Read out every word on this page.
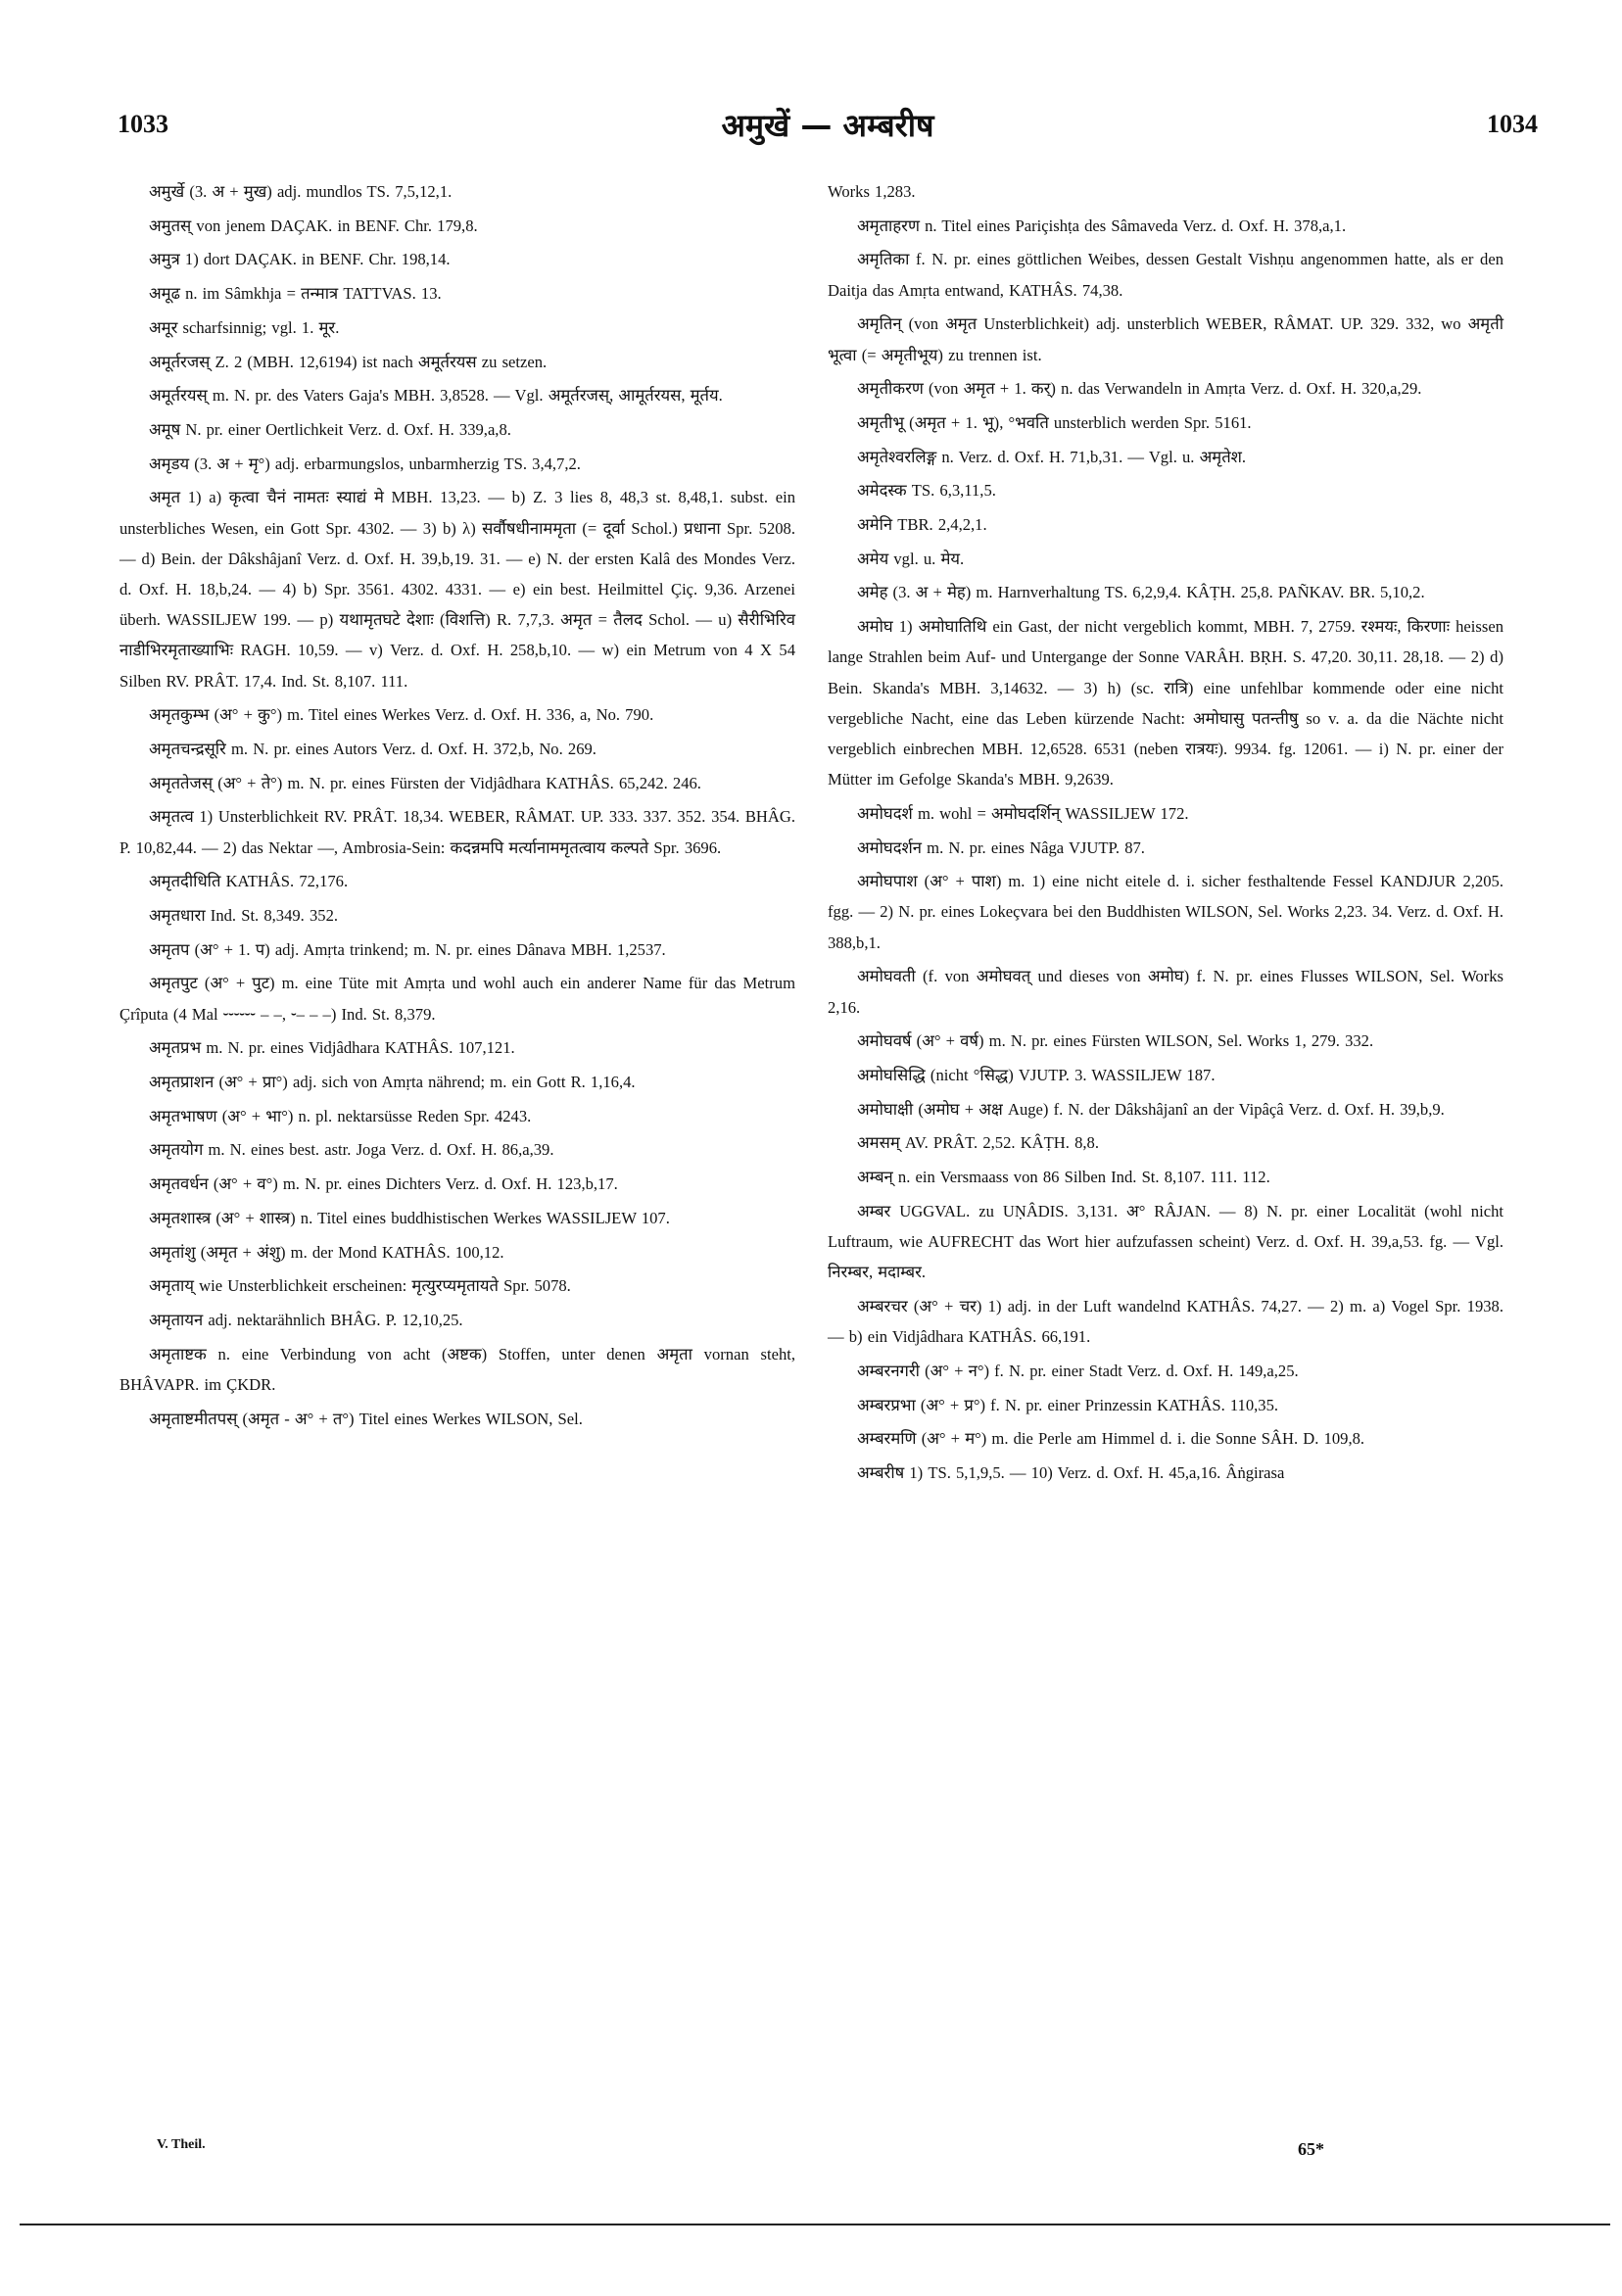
1033	अमुखें — अम्बरीष	1034

अमुर्खे (3. अ + मुख) adj. mundlos TS. 7,5,12,1.

अमुतस् von jenem DAÇAK. in BENF. Chr. 179,8.

अमुत्र 1) dort DAÇAK. in BENF. Chr. 198,14.

अमूढ n. im Sâmkhja = तन्मात्र TATTVAS. 13.

अमूर scharfsinnig; vgl. 1. मूर.

अमूर्तरजस् Z. 2 (MBH. 12,6194) ist nach अमूर्तरयस zu setzen.

अमूर्तरयस् m. N. pr. des Vaters Gaja's MBH. 3,8528. — Vgl. अमूर्तरजस्, आमूर्तरयस, मूर्तय.

अमूष N. pr. einer Oertlichkeit Verz. d. Oxf. H. 339,a,8.

अमृडय (3. अ + मृ°) adj. erbarmungslos, unbarmherzig TS. 3,4,7,2.

अमृत 1) a) कृत्वा चैनं नामतः स्याद्यं मे MBH. 13,23. — b) Z. 3 lies 8, 48,3 st. 8,48,1. subst. ein unsterbliches Wesen, ein Gott Spr. 4302. — 3) b) λ) सर्वौषधीनाममृता (= दूर्वा Schol.) प्रधाना Spr. 5208. — d) Bein. der Dâkshâjanî Verz. d. Oxf. H. 39,b,19. 31. — e) N. der ersten Kalâ des Mondes Verz. d. Oxf. H. 18,b,24. — 4) b) Spr. 3561. 4302. 4331. — e) ein best. Heilmittel Çiç. 9,36. Arzenei überh. WASSILJEW 199. — p) यथामृतघटे देशाः (विशत्ति) R. 7,7,3. अमृत = तैलद Schol. — u) सैरीभिरिव नाडीभिरमृताख्याभिः RAGH. 10,59. — v) Verz. d. Oxf. H. 258,b,10. — w) ein Metrum von 4 X 54 Silben RV. PRÂT. 17,4. Ind. St. 8,107. 111.

अमृतकुम्भ (अ° + कु°) m. Titel eines Werkes Verz. d. Oxf. H. 336, a, No. 790.

अमृतचन्द्रसूरि m. N. pr. eines Autors Verz. d. Oxf. H. 372,b, No. 269.

अमृततेजस् (अ° + ते°) m. N. pr. eines Fürsten der Vidjâdhara KATHÂS. 65,242. 246.

अमृतत्व 1) Unsterblichkeit RV. PRÂT. 18,34. WEBER, RÂMAT. UP. 333. 337. 352. 354. BHÂG. P. 10,82,44. — 2) das Nektar —, Ambrosia-Sein: कदन्नमपि मर्त्यानाममृतत्वाय कल्पते Spr. 3696.

अमृतदीधिति KATHÂS. 72,176.

अमृतधारा Ind. St. 8,349. 352.

अमृतप (अ° + 1. प) adj. Amṛta trinkend; m. N. pr. eines Dânava MBH. 1,2537.

अमृतपुट (अ° + पुट) m. eine Tüte mit Amṛta und wohl auch ein anderer Name für das Metrum Çrîputa (4 Mal ⏑⏑⏑⏑⏑⏑ – –, ⏑– – –) Ind. St. 8,379.

अमृतप्रभ m. N. pr. eines Vidjâdhara KATHÂS. 107,121.

अमृतप्राशन (अ° + प्रा°) adj. sich von Amṛta nährend; m. ein Gott R. 1,16,4.

अमृतभाषण (अ° + भा°) n. pl. nektarsüsse Reden Spr. 4243.

अमृतयोग m. N. eines best. astr. Joga Verz. d. Oxf. H. 86,a,39.

अमृतवर्धन (अ° + व°) m. N. pr. eines Dichters Verz. d. Oxf. H. 123,b,17.

अमृतशास्त्र (अ° + शास्त्र) n. Titel eines buddhistischen Werkes WASSILJEW 107.

अमृतांशु (अमृत + अंशु) m. der Mond KATHÂS. 100,12.

अमृताय् wie Unsterblichkeit erscheinen: मृत्युरप्यमृतायते Spr. 5078.

अमृतायन adj. nektarähnlich BHÂG. P. 12,10,25.

अमृताष्टक n. eine Verbindung von acht (अष्टक) Stoffen, unter denen अमृता vornan steht, BHÂVAPR. im ÇKDR.

अमृताष्टमीतपस् (अमृत - अ° + त°) Titel eines Werkes WILSON, Sel.

Works 1,283.

अमृताहरण n. Titel eines Pariçishṭa des Sâmaveda Verz. d. Oxf. H. 378,a,1.

अमृतिका f. N. pr. eines göttlichen Weibes, dessen Gestalt Vishṇu angenommen hatte, als er den Daitja das Amṛta entwand, KATHÂS. 74,38.

अमृतिन् (von अमृत Unsterblichkeit) adj. unsterblich WEBER, RÂMAT. UP. 329. 332, wo अमृती भूत्वा (= अमृतीभूय) zu trennen ist.

अमृतीकरण (von अमृत + 1. कर्) n. das Verwandeln in Amṛta Verz. d. Oxf. H. 320,a,29.

अमृतीभू (अमृत + 1. भू), °भवति unsterblich werden Spr. 5161.

अमृतेश्वरलिङ्ग n. Verz. d. Oxf. H. 71,b,31. — Vgl. u. अमृतेश.

अमेदस्क TS. 6,3,11,5.

अमेनि TBR. 2,4,2,1.

अमेय vgl. u. मेय.

अमेह (3. अ + मेह) m. Harnverhaltung TS. 6,2,9,4. KÂṬH. 25,8. PAÑKAV. BR. 5,10,2.

अमोघ 1) अमोघातिथि ein Gast, der nicht vergeblich kommt, MBH. 7, 2759. रश्मयः, किरणाः heissen lange Strahlen beim Auf- und Untergange der Sonne VARÂH. BṚH. S. 47,20. 30,11. 28,18. — 2) d) Bein. Skanda's MBH. 3,14632. — 3) h) (sc. रात्रि) eine unfehlbar kommende oder eine nicht vergebliche Nacht, eine das Leben kürzende Nacht: अमोघासु पतन्तीषु so v. a. da die Nächte nicht vergeblich einbrechen MBH. 12,6528. 6531 (neben रात्रयः). 9934. fg. 12061. — i) N. pr. einer der Mütter im Gefolge Skanda's MBH. 9,2639.

अमोघदर्श m. wohl = अमोघदर्शिन् WASSILJEW 172.

अमोघदर्शन m. N. pr. eines Nâga VJUTP. 87.

अमोघपाश (अ° + पाश) m. 1) eine nicht eitele d. i. sicher festhaltende Fessel KANDJUR 2,205. fgg. — 2) N. pr. eines Lokeçvara bei den Buddhisten WILSON, Sel. Works 2,23. 34. Verz. d. Oxf. H. 388,b,1.

अमोघवती (f. von अमोघवत् und dieses von अमोघ) f. N. pr. eines Flusses WILSON, Sel. Works 2,16.

अमोघवर्ष (अ° + वर्ष) m. N. pr. eines Fürsten WILSON, Sel. Works 1, 279. 332.

अमोघसिद्धि (nicht °सिद्ध) VJUTP. 3. WASSILJEW 187.

अमोघाक्षी (अमोघ + अक्ष Auge) f. N. der Dâkshâjanî an der Vipâçâ Verz. d. Oxf. H. 39,b,9.

अमसम् AV. PRÂT. 2,52. KÂṬH. 8,8.

अम्बन् n. ein Versmaass von 86 Silben Ind. St. 8,107. 111. 112.

अम्बर UGGVAL. zu UṆÂDIS. 3,131. अ° RÂJAN. — 8) N. pr. einer Localität (wohl nicht Luftraum, wie AUFRECHT das Wort hier aufzufassen scheint) Verz. d. Oxf. H. 39,a,53. fg. — Vgl. निरम्बर, मदाम्बर.

अम्बरचर (अ° + चर) 1) adj. in der Luft wandelnd KATHÂS. 74,27. — 2) m. a) Vogel Spr. 1938. — b) ein Vidjâdhara KATHÂS. 66,191.

अम्बरनगरी (अ° + न°) f. N. pr. einer Stadt Verz. d. Oxf. H. 149,a,25.

अम्बरप्रभा (अ° + प्र°) f. N. pr. einer Prinzessin KATHÂS. 110,35.

अम्बरमणि (अ° + म°) m. die Perle am Himmel d. i. die Sonne SÂH. D. 109,8.

अम्बरीष 1) TS. 5,1,9,5. — 10) Verz. d. Oxf. H. 45,a,16. Âṅgirasa

V. Theil.	65*
